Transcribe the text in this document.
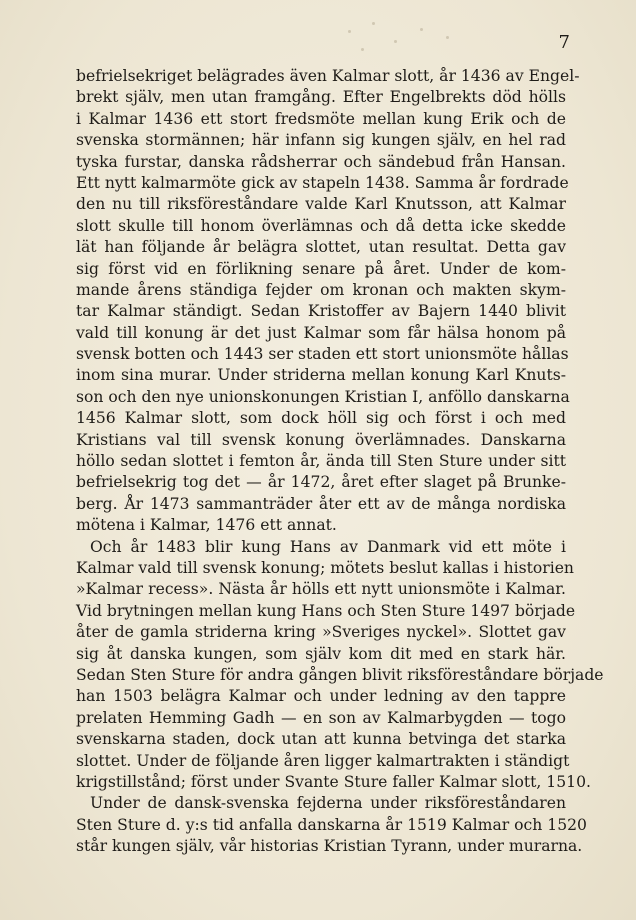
7
befrielsekriget belägrades även Kalmar slott, år 1436 av Engel-
brekt själv, men utan framgång. Efter Engelbrekts död hölls
i Kalmar 1436 ett stort fredsmöte mellan kung Erik och de
svenska stormännen; här infann sig kungen själv, en hel rad
tyska furstar, danska rådsherrar och sändebud från Hansan.
Ett nytt kalmarmöte gick av stapeln 1438. Samma år fordrade
den nu till riksföreståndare valde Karl Knutsson, att Kalmar
slott skulle till honom överlämnas och då detta icke skedde
lät han följande år belägra slottet, utan resultat. Detta gav
sig först vid en förlikning senare på året. Under de kom-
mande årens ständiga fejder om kronan och makten skym-
tar Kalmar ständigt. Sedan Kristoffer av Bajern 1440 blivit
vald till konung är det just Kalmar som får hälsa honom på
svensk botten och 1443 ser staden ett stort unionsmöte hållas
inom sina murar. Under striderna mellan konung Karl Knuts-
son och den nye unionskonungen Kristian I, anföllo danskarna
1456 Kalmar slott, som dock höll sig och först i och med
Kristians val till svensk konung överlämnades. Danskarna
höllo sedan slottet i femton år, ända till Sten Sture under sitt
befrielsekrig tog det — år 1472, året efter slaget på Brunke-
berg. År 1473 sammanträder åter ett av de många nordiska
mötena i Kalmar, 1476 ett annat.
Och år 1483 blir kung Hans av Danmark vid ett möte i
Kalmar vald till svensk konung; mötets beslut kallas i historien
»Kalmar recess». Nästa år hölls ett nytt unionsmöte i Kalmar.
Vid brytningen mellan kung Hans och Sten Sture 1497 började
åter de gamla striderna kring »Sveriges nyckel». Slottet gav
sig åt danska kungen, som själv kom dit med en stark här.
Sedan Sten Sture för andra gången blivit riksföreståndare började
han 1503 belägra Kalmar och under ledning av den tappre
prelaten Hemming Gadh — en son av Kalmarbygden — togo
svenskarna staden, dock utan att kunna betvinga det starka
slottet. Under de följande åren ligger kalmartrakten i ständigt
krigstillstånd; först under Svante Sture faller Kalmar slott, 1510.
Under de dansk-svenska fejderna under riksföreståndaren
Sten Sture d. y:s tid anfalla danskarna år 1519 Kalmar och 1520
står kungen själv, vår historias Kristian Tyrann, under murarna.
